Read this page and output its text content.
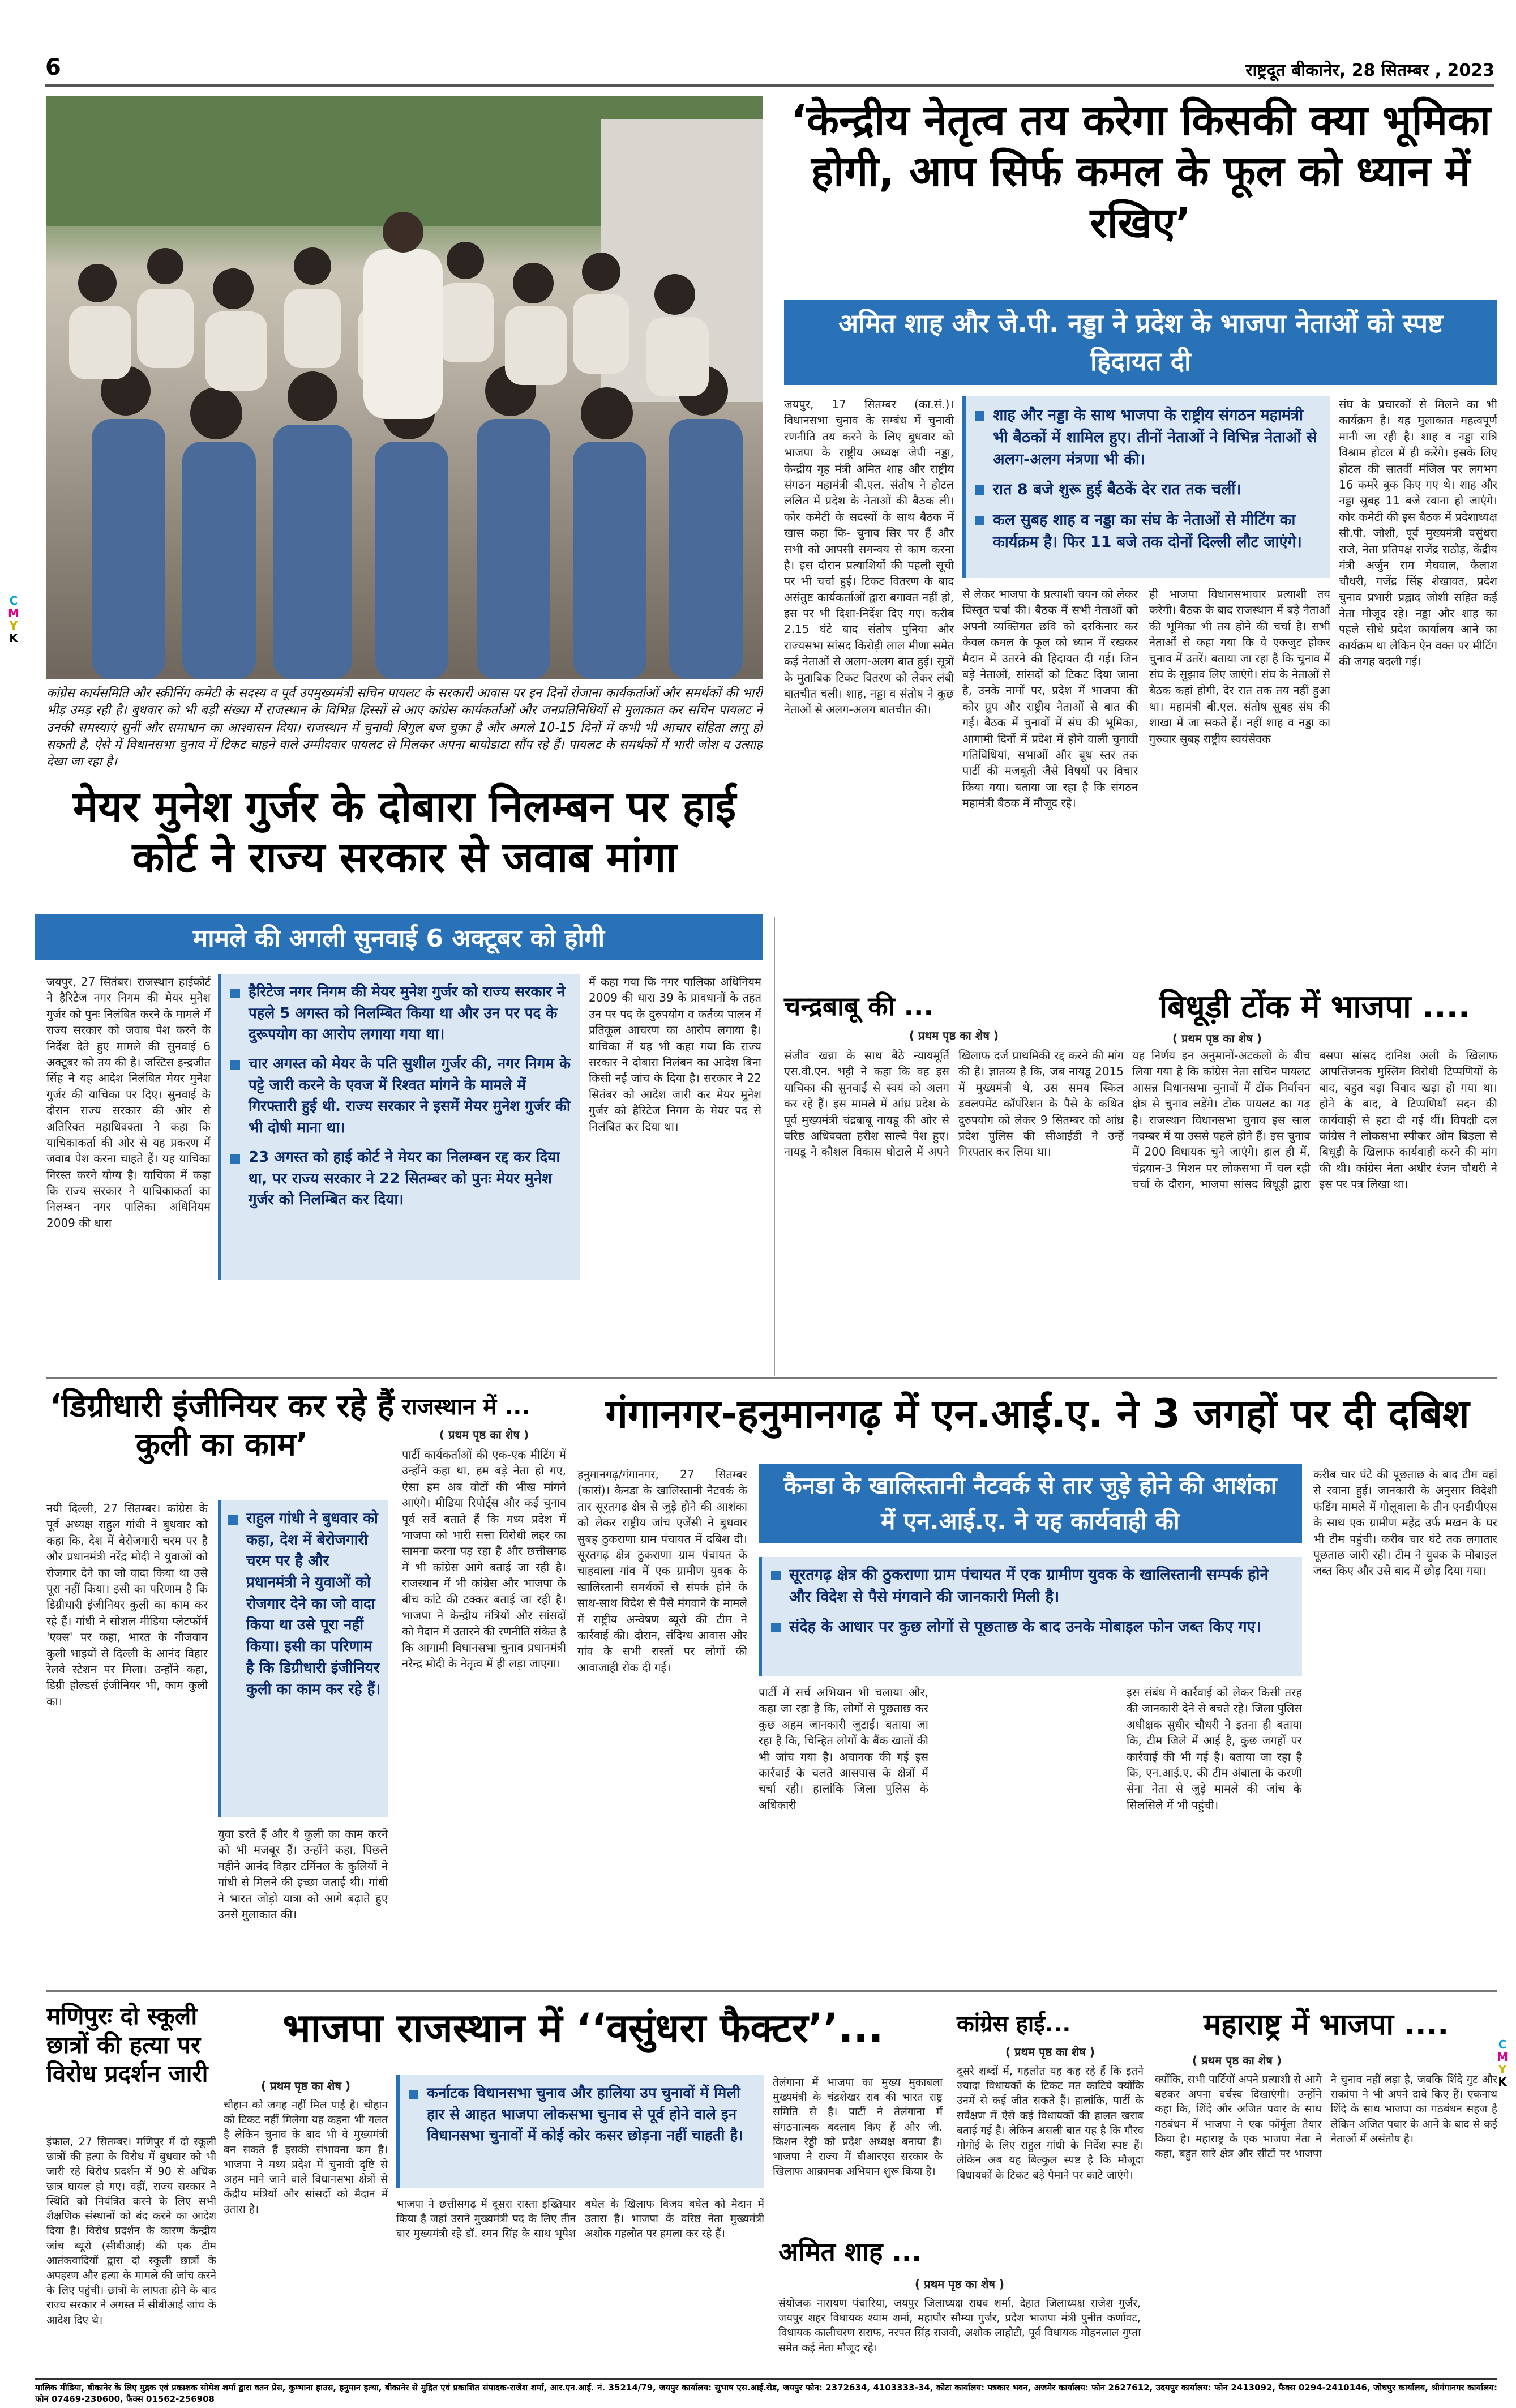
6	राष्ट्रदूत बीकानेर, 28 सितम्बर , 2023
कांग्रेस कार्यसमिति और स्क्रीनिंग कमेटी के सदस्य व पूर्व उपमुख्यमंत्री सचिन पायलट के सरकारी आवास पर इन दिनों रोजाना कार्यकर्ताओं और समर्थकों की भारी भीड़ उमड़ रही है। बुधवार को भी बड़ी संख्या में राजस्थान के विभिन्न हिस्सों से आए कांग्रेस कार्यकर्ताओं और जनप्रतिनिधियों से मुलाकात कर सचिन पायलट ने उनकी समस्याएं सुनीं और समाधान का आश्वासन दिया। राजस्थान में चुनावी बिगुल बज चुका है और अगले 10-15 दिनों में कभी भी आचार संहिता लागू हो सकती है, ऐसे में विधानसभा चुनाव में टिकट चाहने वाले उम्मीदवार पायलट से मिलकर अपना बायोडाटा सौंप रहे हैं। पायलट के समर्थकों में भारी जोश व उत्साह देखा जा रहा है।
‘केन्द्रीय नेतृत्व तय करेगा किसकी क्या भूमिका होगी, आप सिर्फ कमल के फूल को ध्यान में रखिए’
अमित शाह और जे.पी. नड्डा ने प्रदेश के भाजपा नेताओं को स्पष्ट हिदायत दी
जयपुर, 17 सितम्बर (का.सं.)। विधानसभा चुनाव के सम्बंध में चुनावी रणनीति तय करने के लिए बुधवार को भाजपा के राष्ट्रीय अध्यक्ष जेपी नड्डा, केन्द्रीय गृह मंत्री अमित शाह और राष्ट्रीय संगठन महामंत्री बी.एल. संतोष ने होटल ललित में प्रदेश के नेताओं की बैठक ली। कोर कमेटी के सदस्यों के साथ बैठक में खास कहा कि- चुनाव सिर पर हैं और सभी को आपसी समन्वय से काम करना है। इस दौरान प्रत्याशियों की पहली सूची पर भी चर्चा हुई। टिकट वितरण के बाद असंतुष्ट कार्यकर्ताओं द्वारा बगावत नहीं हो, इस पर भी दिशा-निर्देश दिए गए। करीब 2.15 घंटे बाद संतोष पुनिया और राज्यसभा सांसद किरोड़ी लाल मीणा समेत कई नेताओं से अलग-अलग बात हुई। सूत्रों के मुताबिक टिकट वितरण को लेकर लंबी बातचीत चली। शाह, नड्डा व संतोष ने कुछ नेताओं से अलग-अलग बातचीत की।

शाह और नड्डा के साथ भाजपा के राष्ट्रीय संगठन महामंत्री भी बैठकों में शामिल हुए। तीनों नेताओं ने विभिन्न नेताओं से अलग-अलग मंत्रणा भी की।

रात 8 बजे शुरू हुई बैठकें देर रात तक चलीं।

कल सुबह शाह व नड्डा का संघ के नेताओं से मीटिंग का कार्यक्रम है। फिर 11 बजे तक दोनों दिल्ली लौट जाएंगे।

से लेकर भाजपा के प्रत्याशी चयन को लेकर विस्तृत चर्चा की। बैठक में सभी नेताओं को अपनी व्यक्तिगत छवि को दरकिनार कर केवल कमल के फूल को ध्यान में रखकर मैदान में उतरने की हिदायत दी गई। जिन बड़े नेताओं, सांसदों को टिकट दिया जाना है, उनके नामों पर, प्रदेश में भाजपा की कोर ग्रुप और राष्ट्रीय नेताओं से बात की गई। बैठक में चुनावों में संघ की भूमिका, आगामी दिनों में प्रदेश में होने वाली चुनावी गतिविधियां, सभाओं और बूथ स्तर तक पार्टी की मजबूती जैसे विषयों पर विचार किया गया। बताया जा रहा है कि संगठन महामंत्री बैठक में मौजूद रहे।
ही भाजपा विधानसभावार प्रत्याशी तय करेगी। बैठक के बाद राजस्थान में बड़े नेताओं की भूमिका भी तय होने की चर्चा है। सभी नेताओं से कहा गया कि वे एकजुट होकर चुनाव में उतरें। बताया जा रहा है कि चुनाव में संघ के सुझाव लिए जाएंगे। संघ के नेताओं से बैठक कहां होगी, देर रात तक तय नहीं हुआ था। महामंत्री बी.एल. संतोष सुबह संघ की शाखा में जा सकते हैं। नहीं शाह व नड्डा का गुरुवार सुबह राष्ट्रीय स्वयंसेवक
संघ के प्रचारकों से मिलने का भी कार्यक्रम है। यह मुलाकात महत्वपूर्ण मानी जा रही है। शाह व नड्डा रात्रि विश्राम होटल में ही करेंगे। इसके लिए होटल की सातवीं मंजिल पर लगभग 16 कमरे बुक किए गए थे। शाह और नड्डा सुबह 11 बजे रवाना हो जाएंगे। कोर कमेटी की इस बैठक में प्रदेशाध्यक्ष सी.पी. जोशी, पूर्व मुख्यमंत्री वसुंधरा राजे, नेता प्रतिपक्ष राजेंद्र राठौड़, केंद्रीय मंत्री अर्जुन राम मेघवाल, कैलाश चौधरी, गजेंद्र सिंह शेखावत, प्रदेश चुनाव प्रभारी प्रह्लाद जोशी सहित कई नेता मौजूद रहे। नड्डा और शाह का पहले सीधे प्रदेश कार्यालय आने का कार्यक्रम था लेकिन ऐन वक्त पर मीटिंग की जगह बदली गई।
मेयर मुनेश गुर्जर के दोबारा निलम्बन पर हाई कोर्ट ने राज्य सरकार से जवाब मांगा
मामले की अगली सुनवाई 6 अक्टूबर को होगी
जयपुर, 27 सितंबर। राजस्थान हाईकोर्ट ने हैरिटेज नगर निगम की मेयर मुनेश गुर्जर को पुनः निलंबित करने के मामले में राज्य सरकार को जवाब पेश करने के निर्देश देते हुए मामले की सुनवाई 6 अक्टूबर को तय की है। जस्टिस इन्द्रजीत सिंह ने यह आदेश निलंबित मेयर मुनेश गुर्जर की याचिका पर दिए। सुनवाई के दौरान राज्य सरकार की ओर से अतिरिक्त महाधिवक्ता ने कहा कि याचिकाकर्ता की ओर से यह प्रकरण में जवाब पेश करना चाहते हैं। यह याचिका निरस्त करने योग्य है। याचिका में कहा कि राज्य सरकार ने याचिकाकर्ता का निलम्बन नगर पालिका अधिनियम 2009 की धारा

हैरिटेज नगर निगम की मेयर मुनेश गुर्जर को राज्य सरकार ने पहले 5 अगस्त को निलम्बित किया था और उन पर पद के दुरूपयोग का आरोप लगाया गया था।

चार अगस्त को मेयर के पति सुशील गुर्जर की, नगर निगम के पट्टे जारी करने के एवज में रिश्वत मांगने के मामले में गिरफ्तारी हुई थी. राज्य सरकार ने इसमें मेयर मुनेश गुर्जर की भी दोषी माना था।

23 अगस्त को हाई कोर्ट ने मेयर का निलम्बन रद्द कर दिया था, पर राज्य सरकार ने 22 सितम्बर को पुनः मेयर मुनेश गुर्जर को निलम्बित कर दिया।

में कहा गया कि नगर पालिका अधिनियम 2009 की धारा 39 के प्रावधानों के तहत उन पर पद के दुरुपयोग व कर्तव्य पालन में प्रतिकूल आचरण का आरोप लगाया है। याचिका में यह भी कहा गया कि राज्य सरकार ने दोबारा निलंबन का आदेश बिना किसी नई जांच के दिया है। सरकार ने 22 सितंबर को आदेश जारी कर मेयर मुनेश गुर्जर को हैरिटेज निगम के मेयर पद से निलंबित कर दिया था।
चन्द्रबाबू की ...
( प्रथम पृष्ठ का शेष )
संजीव खन्ना के साथ बैठे न्यायमूर्ति एस.वी.एन. भट्टी ने कहा कि वह इस याचिका की सुनवाई से स्वयं को अलग कर रहे हैं। इस मामले में आंध्र प्रदेश के पूर्व मुख्यमंत्री चंद्रबाबू नायडू की ओर से वरिष्ठ अधिवक्ता हरीश साल्वे पेश हुए। नायडू ने कौशल विकास घोटाले में अपने खिलाफ दर्ज प्राथमिकी रद्द करने की मांग की है। ज्ञातव्य है कि, जब नायडू 2015 में मुख्यमंत्री थे, उस समय स्किल डवलपमेंट कॉर्पोरेशन के पैसे के कथित दुरुपयोग को लेकर 9 सितम्बर को आंध्र प्रदेश पुलिस की सीआईडी ने उन्हें गिरफ्तार कर लिया था।
बिधूड़ी टोंक में भाजपा ....
( प्रथम पृष्ठ का शेष )
यह निर्णय इन अनुमानों-अटकलों के बीच लिया गया है कि कांग्रेस नेता सचिन पायलट आसन्न विधानसभा चुनावों में टोंक निर्वाचन क्षेत्र से चुनाव लड़ेंगे। टोंक पायलट का गढ़ है। राजस्थान विधानसभा चुनाव इस साल नवम्बर में या उससे पहले होने हैं। इस चुनाव में 200 विधायक चुने जाएंगे। हाल ही में, चंद्रयान-3 मिशन पर लोकसभा में चल रही चर्चा के दौरान, भाजपा सांसद बिधूड़ी द्वारा बसपा सांसद दानिश अली के खिलाफ आपत्तिजनक मुस्लिम विरोधी टिप्पणियों के बाद, बहुत बड़ा विवाद खड़ा हो गया था। होने के बाद, वे टिप्पणियाँ सदन की कार्यवाही से हटा दी गई थीं। विपक्षी दल कांग्रेस ने लोकसभा स्पीकर ओम बिड़ला से बिधूड़ी के खिलाफ कार्यवाही करने की मांग की थी। कांग्रेस नेता अधीर रंजन चौधरी ने इस पर पत्र लिखा था।
‘डिग्रीधारी इंजीनियर कर रहे हैं कुली का काम’
नयी दिल्ली, 27 सितम्बर। कांग्रेस के पूर्व अध्यक्ष राहुल गांधी ने बुधवार को कहा कि, देश में बेरोजगारी चरम पर है और प्रधानमंत्री नरेंद्र मोदी ने युवाओं को रोजगार देने का जो वादा किया था उसे पूरा नहीं किया। इसी का परिणाम है कि डिग्रीधारी इंजीनियर कुली का काम कर रहे हैं। गांधी ने सोशल मीडिया प्लेटफॉर्म 'एक्स' पर कहा, भारत के नौजवान कुली भाइयों से दिल्ली के आनंद विहार रेलवे स्टेशन पर मिला। उन्होंने कहा, डिग्री होल्डर्स इंजीनियर भी, काम कुली का।

राहुल गांधी ने बुधवार को कहा, देश में बेरोजगारी चरम पर है और प्रधानमंत्री ने युवाओं को रोजगार देने का जो वादा किया था उसे पूरा नहीं किया। इसी का परिणाम है कि डिग्रीधारी इंजीनियर कुली का काम कर रहे हैं।

युवा डरते हैं और ये कुली का काम करने को भी मजबूर हैं। उन्होंने कहा, पिछले महीने आनंद विहार टर्मिनल के कुलियों ने गांधी से मिलने की इच्छा जताई थी। गांधी ने भारत जोड़ो यात्रा को आगे बढ़ाते हुए उनसे मुलाकात की।
राजस्थान में ...
( प्रथम पृष्ठ का शेष )
पार्टी कार्यकर्ताओं की एक-एक मीटिंग में उन्होंने कहा था, हम बड़े नेता हो गए, ऐसा हम अब वोटों की भीख मांगने आएंगे। मीडिया रिपोर्ट्स और कई चुनाव पूर्व सर्वे बताते हैं कि मध्य प्रदेश में भाजपा को भारी सत्ता विरोधी लहर का सामना करना पड़ रहा है और छत्तीसगढ़ में भी कांग्रेस आगे बताई जा रही है। राजस्थान में भी कांग्रेस और भाजपा के बीच कांटे की टक्कर बताई जा रही है। भाजपा ने केन्द्रीय मंत्रियों और सांसदों को मैदान में उतारने की रणनीति संकेत है कि आगामी विधानसभा चुनाव प्रधानमंत्री नरेन्द्र मोदी के नेतृत्व में ही लड़ा जाएगा।
गंगानगर-हनुमानगढ़ में एन.आई.ए. ने 3 जगहों पर दी दबिश
हनुमानगढ़/गंगानगर, 27 सितम्बर (कासं)। कैनडा के खालिस्तानी नैटवर्क के तार सूरतगढ़ क्षेत्र से जुड़े होने की आशंका को लेकर राष्ट्रीय जांच एजेंसी ने बुधवार सुबह ठुकराणा ग्राम पंचायत में दबिश दी। सूरतगढ़ क्षेत्र ठुकराणा ग्राम पंचायत के चाहवाला गांव में एक ग्रामीण युवक के खालिस्तानी समर्थकों से संपर्क होने के साथ-साथ विदेश से पैसे मंगवाने के मामले में राष्ट्रीय अन्वेषण ब्यूरो की टीम ने कार्रवाई की। दौरान, संदिग्ध आवास और गांव के सभी रास्तों पर लोगों की आवाजाही रोक दी गई।
कैनडा के खालिस्तानी नैटवर्क से तार जुड़े होने की आशंका में एन.आई.ए. ने यह कार्यवाही की

सूरतगढ़ क्षेत्र की ठुकराणा ग्राम पंचायत में एक ग्रामीण युवक के खालिस्तानी सम्पर्क होने और विदेश से पैसे मंगवाने की जानकारी मिली है।

संदेह के आधार पर कुछ लोगों से पूछताछ के बाद उनके मोबाइल फोन जब्त किए गए।

पार्टी में सर्च अभियान भी चलाया और, कहा जा रहा है कि, लोगों से पूछताछ कर कुछ अहम जानकारी जुटाई। बताया जा रहा है कि, चिन्हित लोगों के बैंक खातों की भी जांच गया है। अचानक की गई इस कार्रवाई के चलते आसपास के क्षेत्रों में चर्चा रही। हालांकि जिला पुलिस के अधिकारी
इस संबंध में कार्रवाई को लेकर किसी तरह की जानकारी देने से बचते रहे। जिला पुलिस अधीक्षक सुधीर चौधरी ने इतना ही बताया कि, टीम जिले में आई है, कुछ जगहों पर कार्रवाई की भी गई है। बताया जा रहा है कि, एन.आई.ए. की टीम अंबाला के करणी सेना नेता से जुड़े मामले की जांच के सिलसिले में भी पहुंची।
करीब चार घंटे की पूछताछ के बाद टीम वहां से रवाना हुई। जानकारी के अनुसार विदेशी फंडिंग मामले में गोलूवाला के तीन एनडीपीएस के साथ एक ग्रामीण महेंद्र उर्फ मखन के घर भी टीम पहुंची। करीब चार घंटे तक लगातार पूछताछ जारी रही। टीम ने युवक के मोबाइल जब्त किए और उसे बाद में छोड़ दिया गया।
मणिपुरः दो स्कूली छात्रों की हत्या पर विरोध प्रदर्शन जारी
इंफाल, 27 सितम्बर। मणिपुर में दो स्कूली छात्रों की हत्या के विरोध में बुधवार को भी जारी रहे विरोध प्रदर्शन में 90 से अधिक छात्र घायल हो गए। वहीं, राज्य सरकार ने स्थिति को नियंत्रित करने के लिए सभी शैक्षणिक संस्थानों को बंद करने का आदेश दिया है। विरोध प्रदर्शन के कारण केन्द्रीय जांच ब्यूरो (सीबीआई) की एक टीम आतंकवादियों द्वारा दो स्कूली छात्रों के अपहरण और हत्या के मामले की जांच करने के लिए पहुंची। छात्रों के लापता होने के बाद राज्य सरकार ने अगस्त में सीबीआई जांच के आदेश दिए थे।
भाजपा राजस्थान में ‘‘वसुंधरा फैक्टर’’...
( प्रथम पृष्ठ का शेष )
चौहान को जगह नहीं मिल पाई है। चौहान को टिकट नहीं मिलेगा यह कहना भी गलत है लेकिन चुनाव के बाद भी वे मुख्यमंत्री बन सकते हैं इसकी संभावना कम है। भाजपा ने मध्य प्रदेश में चुनावी दृष्टि से अहम माने जाने वाले विधानसभा क्षेत्रों से केंद्रीय मंत्रियों और सांसदों को मैदान में उतारा है।

कर्नाटक विधानसभा चुनाव और हालिया उप चुनावों में मिली हार से आहत भाजपा लोकसभा चुनाव से पूर्व होने वाले इन विधानसभा चुनावों में कोई कोर कसर छोड़ना नहीं चाहती है।

भाजपा ने छत्तीसगढ़ में दूसरा रास्ता इख्तियार किया है जहां उसने मुख्यमंत्री पद के लिए तीन बार मुख्यमंत्री रहे डॉ. रमन सिंह के साथ भूपेश बघेल के खिलाफ विजय बघेल को मैदान में उतारा है। भाजपा के वरिष्ठ नेता मुख्यमंत्री अशोक गहलोत पर हमला कर रहे हैं।
तेलंगाना में भाजपा का मुख्य मुकाबला मुख्यमंत्री के चंद्रशेखर राव की भारत राष्ट्र समिति से है। पार्टी ने तेलंगाना में संगठनात्मक बदलाव किए हैं और जी. किशन रेड्डी को प्रदेश अध्यक्ष बनाया है। भाजपा ने राज्य में बीआरएस सरकार के खिलाफ आक्रामक अभियान शुरू किया है।
कांग्रेस हाई...
( प्रथम पृष्ठ का शेष )
दूसरे शब्दों में, गहलोत यह कह रहे हैं कि इतने ज्यादा विधायकों के टिकट मत काटिये क्योंकि उनमें से कई जीत सकते हैं। हालांकि, पार्टी के सर्वेक्षण में ऐसे कई विधायकों की हालत खराब बताई गई है। लेकिन असली बात यह है कि गौरव गोगोई के लिए राहुल गांधी के निर्देश स्पष्ट हैं। लेकिन अब यह बिल्कुल स्पष्ट है कि मौजूदा विधायकों के टिकट बड़े पैमाने पर काटे जाएंगे।
अमित शाह ...
( प्रथम पृष्ठ का शेष )
संयोजक नारायण पंचारिया, जयपुर जिलाध्यक्ष राघव शर्मा, देहात जिलाध्यक्ष राजेश गुर्जर, जयपुर शहर विधायक श्याम शर्मा, महापौर सौम्या गुर्जर, प्रदेश भाजपा मंत्री पुनीत कर्णावट, विधायक कालीचरण सराफ, नरपत सिंह राजवी, अशोक लाहोटी, पूर्व विधायक मोहनलाल गुप्ता समेत कई नेता मौजूद रहे।
महाराष्ट्र में भाजपा ....
( प्रथम पृष्ठ का शेष )
क्योंकि, सभी पार्टियों अपने प्रत्याशी से आगे बढ़कर अपना वर्चस्व दिखाएंगी। उन्होंने कहा कि, शिंदे और अजित पवार के साथ गठबंधन में भाजपा ने एक फॉर्मूला तैयार किया है। महाराष्ट्र के एक भाजपा नेता ने कहा, बहुत सारे क्षेत्र और सीटों पर भाजपा ने चुनाव नहीं लड़ा है, जबकि शिंदे गुट और राकांपा ने भी अपने दावे किए हैं। एकनाथ शिंदे के साथ भाजपा का गठबंधन सहज है लेकिन अजित पवार के आने के बाद से कई नेताओं में असंतोष है।
मालिक मीडिया, बीकानेर के लिए मुद्रक एवं प्रकाशक सोमेश शर्मा द्वारा वतन प्रेस, कुम्भाना हाउस, हनुमान हत्था, बीकानेर से मुद्रित एवं प्रकाशित संपादक-राजेश शर्मा, आर.एन.आई. नं. 35214/79, जयपुर कार्यालय: सुभाष एस.आई.रोड, जयपुर फोन: 2372634, 4103333-34, कोटा कार्यालय: पत्रकार भवन, अजमेर कार्यालय: फोन 2627612, उदयपुर कार्यालय: फोन 2413092, फैक्स 0294-2410146, जोधपुर कार्यालय, श्रीगंगानगर कार्यालय: फोन 07469-230600, फैक्स 01562-256908
C
M
Y
K
C
M
Y
K
